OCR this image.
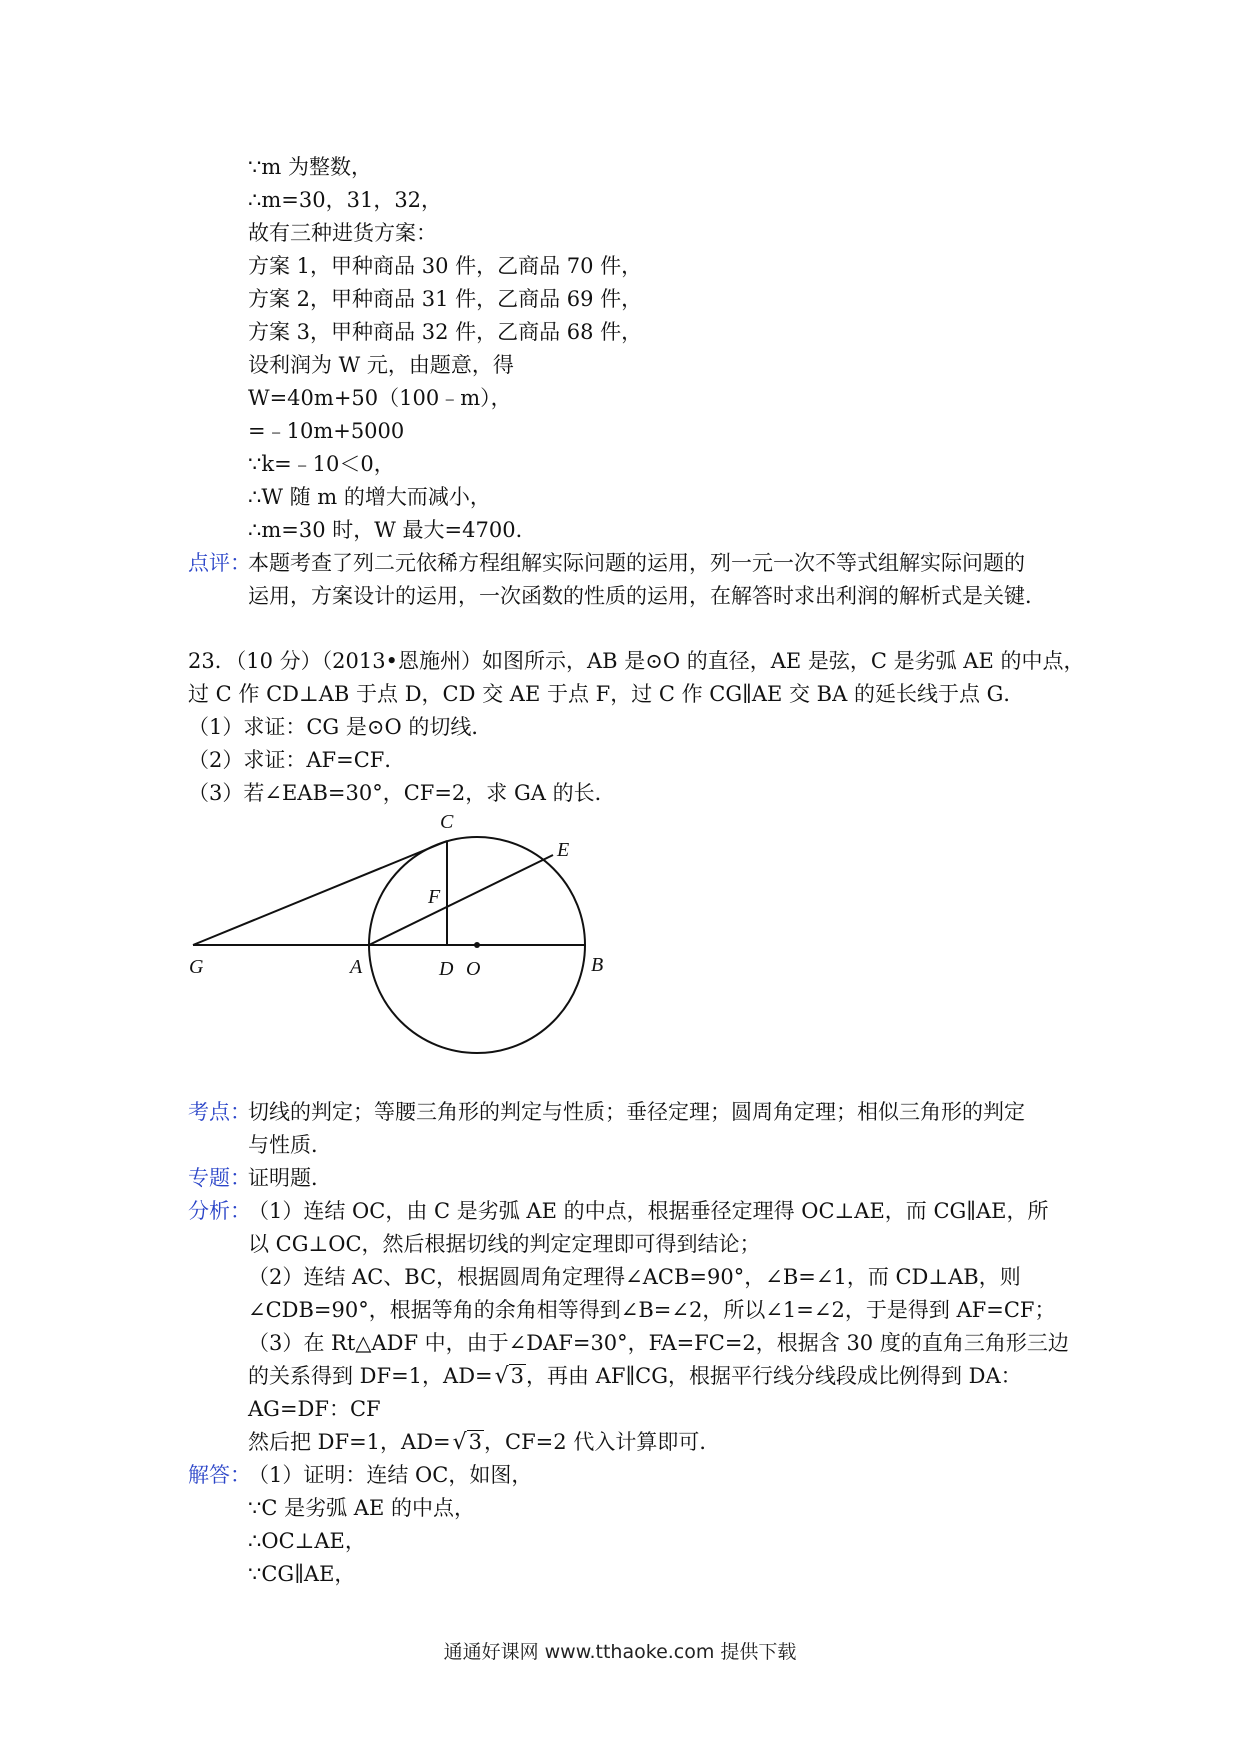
∵m 为整数，
∴m=30，31，32，
故有三种进货方案：
方案 1，甲种商品 30 件，乙商品 70 件，
方案 2，甲种商品 31 件，乙商品 69 件，
方案 3，甲种商品 32 件，乙商品 68 件，
设利润为 W 元，由题意，得
W=40m+50（100﹣m），
=﹣10m+5000
∵k=﹣10＜0，
∴W 随 m 的增大而减小，
∴m=30 时，W 最大=4700．
点评：
本题考查了列二元依稀方程组解实际问题的运用，列一元一次不等式组解实际问题的
运用，方案设计的运用，一次函数的性质的运用，在解答时求出利润的解析式是关键．
23．（10 分）（2013•恩施州）如图所示，AB 是⊙O 的直径，AE 是弦，C 是劣弧 AE 的中点，
过 C 作 CD⊥AB 于点 D，CD 交 AE 于点 F，过 C 作 CG∥AE 交 BA 的延长线于点 G．
（1）求证：CG 是⊙O 的切线．
（2）求证：AF=CF．
（3）若∠EAB=30°，CF=2，求 GA 的长．
C
E
F
G	A	D O	B
考点：
切线的判定；等腰三角形的判定与性质；垂径定理；圆周角定理；相似三角形的判定
与性质．
专题：
证明题．
分析：
（1）连结 OC，由 C 是劣弧 AE 的中点，根据垂径定理得 OC⊥AE，而 CG∥AE，所
以 CG⊥OC，然后根据切线的判定定理即可得到结论；
（2）连结 AC、BC，根据圆周角定理得∠ACB=90°，∠B=∠1，而 CD⊥AB，则
∠CDB=90°，根据等角的余角相等得到∠B=∠2，所以∠1=∠2，于是得到 AF=CF；
（3）在 Rt△ADF 中，由于∠DAF=30°，FA=FC=2，根据含 30 度的直角三角形三边
的关系得到 DF=1，AD=√3，再由 AF∥CG，根据平行线分线段成比例得到 DA：
AG=DF：CF
然后把 DF=1，AD=√3，CF=2 代入计算即可．
解答：
（1）证明：连结 OC，如图，
∵C 是劣弧 AE 的中点，
∴OC⊥AE，
∵CG∥AE，
通通好课网 www.tthaoke.com 提供下载
